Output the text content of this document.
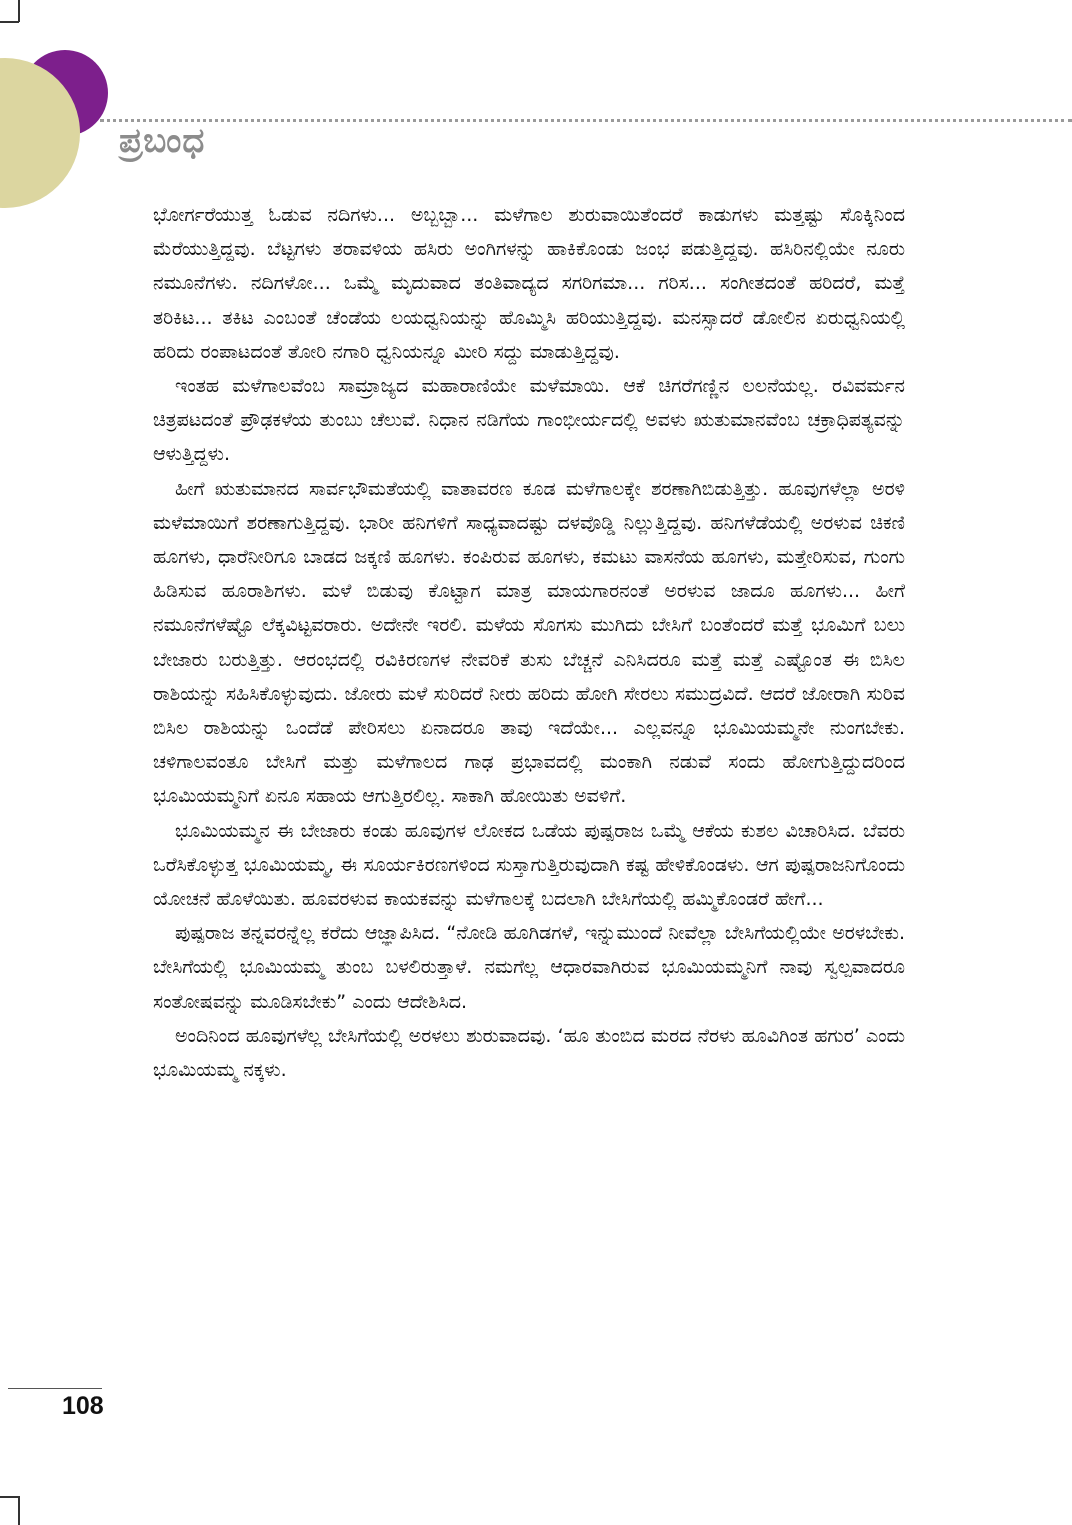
ಪ್ರಬಂಧ

ಭೋರ್ಗರೆಯುತ್ತ ಓಡುವ ನದಿಗಳು... ಅಬ್ಬಬ್ಬಾ... ಮಳೆಗಾಲ ಶುರುವಾಯಿತೆಂದರೆ ಕಾಡುಗಳು ಮತ್ತಷ್ಟು ಸೊಕ್ಕಿನಿಂದ ಮೆರೆಯುತ್ತಿದ್ದವು. ಬೆಟ್ಟಗಳು ತರಾವಳಿಯ ಹಸಿರು ಅಂಗಿಗಳನ್ನು ಹಾಕಿಕೊಂಡು ಜಂಭ ಪಡುತ್ತಿದ್ದವು. ಹಸಿರಿನಲ್ಲಿಯೇ ನೂರು ನಮೂನೆಗಳು. ನದಿಗಳೋ... ಒಮ್ಮೆ ಮೃದುವಾದ ತಂತಿವಾದ್ಯದ ಸಗರಿಗಮಾ... ಗರಿಸ... ಸಂಗೀತದಂತೆ ಹರಿದರೆ, ಮತ್ತೆ ತರಿಕಿಟ... ತಕಿಟ ಎಂಬಂತೆ ಚೆಂಡೆಯ ಲಯಧ್ವನಿಯನ್ನು ಹೊಮ್ಮಿಸಿ ಹರಿಯುತ್ತಿದ್ದವು. ಮನಸ್ಸಾದರೆ ಡೋಲಿನ ಏರುಧ್ವನಿಯಲ್ಲಿ ಹರಿದು ರಂಪಾಟದಂತೆ ತೋರಿ ನಗಾರಿ ಧ್ವನಿಯನ್ನೂ ಮೀರಿ ಸದ್ದು ಮಾಡುತ್ತಿದ್ದವು.

ಇಂತಹ ಮಳೆಗಾಲವೆಂಬ ಸಾಮ್ರಾಜ್ಯದ ಮಹಾರಾಣಿಯೇ ಮಳೆಮಾಯಿ. ಆಕೆ ಚಿಗರೆಗಣ್ಣಿನ ಲಲನೆಯಲ್ಲ. ರವಿವರ್ಮನ ಚಿತ್ರಪಟದಂತೆ ಪ್ರೌಢಕಳೆಯ ತುಂಬು ಚೆಲುವೆ. ನಿಧಾನ ನಡಿಗೆಯ ಗಾಂಭೀರ್ಯದಲ್ಲಿ ಅವಳು ಋತುಮಾನವೆಂಬ ಚಕ್ರಾಧಿಪತ್ಯವನ್ನು ಆಳುತ್ತಿದ್ದಳು.

ಹೀಗೆ ಋತುಮಾನದ ಸಾರ್ವಭೌಮತೆಯಲ್ಲಿ ವಾತಾವರಣ ಕೂಡ ಮಳೆಗಾಲಕ್ಕೇ ಶರಣಾಗಿಬಿಡುತ್ತಿತ್ತು. ಹೂವುಗಳೆಲ್ಲಾ ಅರಳಿ ಮಳೆಮಾಯಿಗೆ ಶರಣಾಗುತ್ತಿದ್ದವು. ಭಾರೀ ಹನಿಗಳಿಗೆ ಸಾಧ್ಯವಾದಷ್ಟು ದಳವೊಡ್ಡಿ ನಿಲ್ಲುತ್ತಿದ್ದವು. ಹನಿಗಳೆಡೆಯಲ್ಲಿ ಅರಳುವ ಚಿಕಣಿ ಹೂಗಳು, ಧಾರೆನೀರಿಗೂ ಬಾಡದ ಜಕ್ಕಣಿ ಹೂಗಳು. ಕಂಪಿರುವ ಹೂಗಳು, ಕಮಟು ವಾಸನೆಯ ಹೂಗಳು, ಮತ್ತೇರಿಸುವ, ಗುಂಗು ಹಿಡಿಸುವ ಹೂರಾಶಿಗಳು. ಮಳೆ ಬಿಡುವು ಕೊಟ್ಟಾಗ ಮಾತ್ರ ಮಾಯಗಾರನಂತೆ ಅರಳುವ ಜಾದೂ ಹೂಗಳು... ಹೀಗೆ ನಮೂನೆಗಳೆಷ್ಟೊ ಲೆಕ್ಕವಿಟ್ಟವರಾರು. ಅದೇನೇ ಇರಲಿ. ಮಳೆಯ ಸೊಗಸು ಮುಗಿದು ಬೇಸಿಗೆ ಬಂತೆಂದರೆ ಮತ್ತೆ ಭೂಮಿಗೆ ಬಲು ಬೇಜಾರು ಬರುತ್ತಿತ್ತು. ಆರಂಭದಲ್ಲಿ ರವಿಕಿರಣಗಳ ನೇವರಿಕೆ ತುಸು ಬೆಚ್ಚನೆ ಎನಿಸಿದರೂ ಮತ್ತೆ ಮತ್ತೆ ಎಷ್ಟೊಂತ ಈ ಬಿಸಿಲ ರಾಶಿಯನ್ನು ಸಹಿಸಿಕೊಳ್ಳುವುದು. ಜೋರು ಮಳೆ ಸುರಿದರೆ ನೀರು ಹರಿದು ಹೋಗಿ ಸೇರಲು ಸಮುದ್ರವಿದೆ. ಆದರೆ ಜೋರಾಗಿ ಸುರಿವ ಬಿಸಿಲ ರಾಶಿಯನ್ನು ಒಂದೆಡೆ ಪೇರಿಸಲು ಏನಾದರೂ ತಾವು ಇದೆಯೇ... ಎಲ್ಲವನ್ನೂ ಭೂಮಿಯಮ್ಮನೇ ನುಂಗಬೇಕು. ಚಳಿಗಾಲವಂತೂ ಬೇಸಿಗೆ ಮತ್ತು ಮಳೆಗಾಲದ ಗಾಢ ಪ್ರಭಾವದಲ್ಲಿ ಮಂಕಾಗಿ ನಡುವೆ ಸಂದು ಹೋಗುತ್ತಿದ್ದುದರಿಂದ ಭೂಮಿಯಮ್ಮನಿಗೆ ಏನೂ ಸಹಾಯ ಆಗುತ್ತಿರಲಿಲ್ಲ. ಸಾಕಾಗಿ ಹೋಯಿತು ಅವಳಿಗೆ.

ಭೂಮಿಯಮ್ಮನ ಈ ಬೇಜಾರು ಕಂಡು ಹೂವುಗಳ ಲೋಕದ ಒಡೆಯ ಪುಷ್ಪರಾಜ ಒಮ್ಮೆ ಆಕೆಯ ಕುಶಲ ವಿಚಾರಿಸಿದ. ಬೆವರು ಒರೆಸಿಕೊಳ್ಳುತ್ತ ಭೂಮಿಯಮ್ಮ, ಈ ಸೂರ್ಯಕಿರಣಗಳಿಂದ ಸುಸ್ತಾಗುತ್ತಿರುವುದಾಗಿ ಕಷ್ಟ ಹೇಳಿಕೊಂಡಳು. ಆಗ ಪುಷ್ಪರಾಜನಿಗೊಂದು ಯೋಚನೆ ಹೊಳೆಯಿತು. ಹೂವರಳುವ ಕಾಯಕವನ್ನು ಮಳೆಗಾಲಕ್ಕೆ ಬದಲಾಗಿ ಬೇಸಿಗೆಯಲ್ಲಿ ಹಮ್ಮಿಕೊಂಡರೆ ಹೇಗೆ...

ಪುಷ್ಪರಾಜ ತನ್ನವರನ್ನೆಲ್ಲ ಕರೆದು ಆಜ್ಞಾಪಿಸಿದ. “ನೋಡಿ ಹೂಗಿಡಗಳೆ, ಇನ್ನುಮುಂದೆ ನೀವೆಲ್ಲಾ ಬೇಸಿಗೆಯಲ್ಲಿಯೇ ಅರಳಬೇಕು. ಬೇಸಿಗೆಯಲ್ಲಿ ಭೂಮಿಯಮ್ಮ ತುಂಬ ಬಳಲಿರುತ್ತಾಳೆ. ನಮಗೆಲ್ಲ ಆಧಾರವಾಗಿರುವ ಭೂಮಿಯಮ್ಮನಿಗೆ ನಾವು ಸ್ವಲ್ಪವಾದರೂ ಸಂತೋಷವನ್ನು ಮೂಡಿಸಬೇಕು” ಎಂದು ಆದೇಶಿಸಿದ.

ಅಂದಿನಿಂದ ಹೂವುಗಳೆಲ್ಲ ಬೇಸಿಗೆಯಲ್ಲಿ ಅರಳಲು ಶುರುವಾದವು. ‘ಹೂ ತುಂಬಿದ ಮರದ ನೆರಳು ಹೂವಿಗಿಂತ ಹಗುರ’ ಎಂದು ಭೂಮಿಯಮ್ಮ ನಕ್ಕಳು.

108
